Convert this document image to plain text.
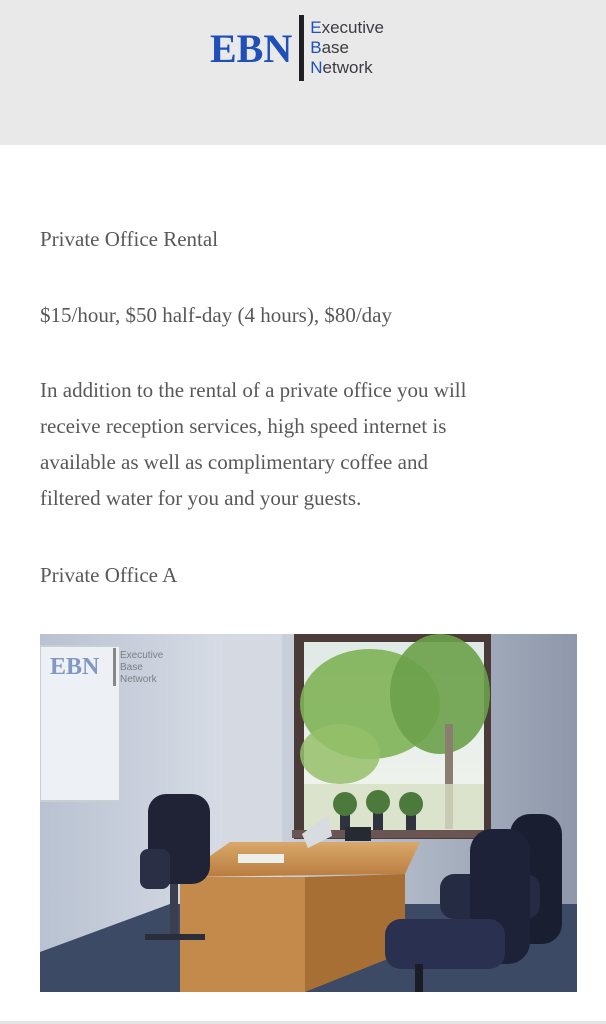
EBN Executive
Base
Network
Private Office Rental
$15/hour, $50 half-day (4 hours), $80/day
In addition to the rental of a private office you will
receive reception services, high speed internet is
available as well as complimentary coffee and
filtered water for you and your guests.
Private Office A
EBN Executive
Base
Network
